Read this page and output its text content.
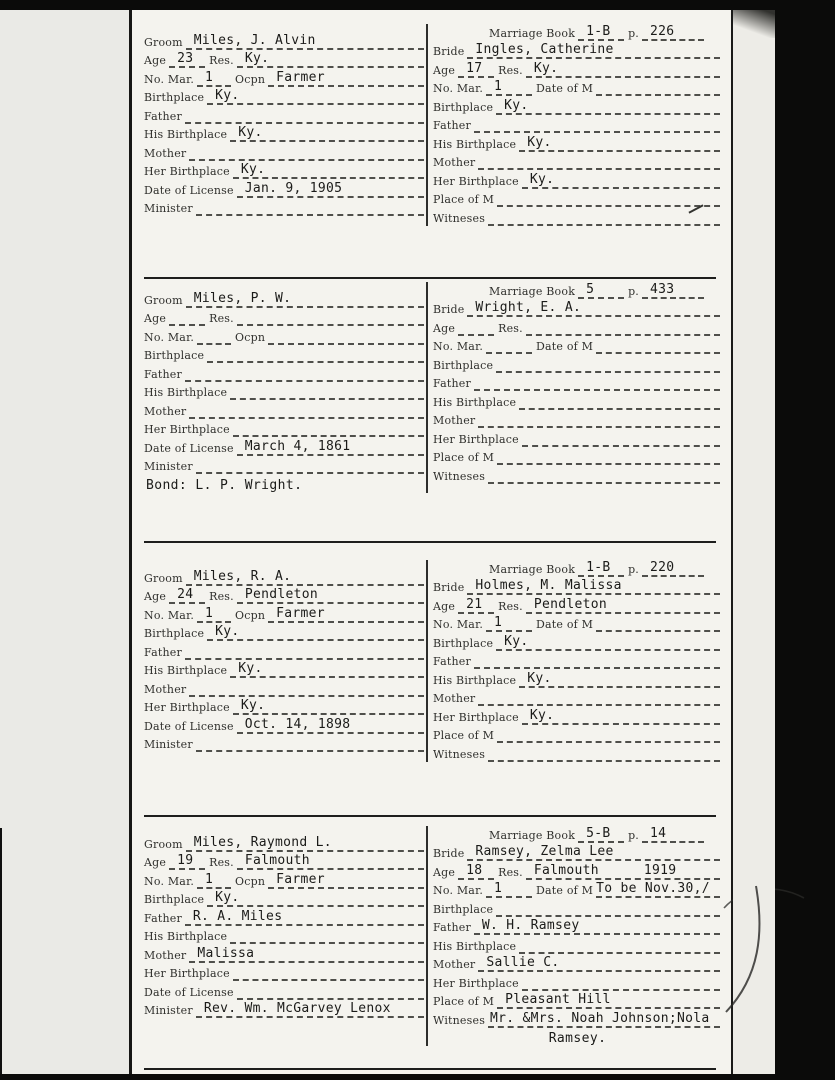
Groom Miles, J. Alvin
Age 23 Res. Ky.
No. Mar. 1 Ocpn Farmer
Birthplace Ky.
Father
His Birthplace Ky.
Mother
Her Birthplace Ky.
Date of License Jan. 9, 1905
Minister
Marriage Book 1-B p. 226
Bride Ingles, Catherine
Age 17 Res. Ky.
No. Mar. 1	Date of M
Birthplace Ky.
Father
His Birthplace Ky.
Mother
Her Birthplace Ky.
Place of M
Witneses
Groom Miles, P. W.
Age	Res.
No. Mar.	Ocpn
Birthplace
Father
His Birthplace
Mother
Her Birthplace
Date of License March 4, 1861
Minister
Bond: L. P. Wright.
Marriage Book 5	p. 433
Bride Wright, E. A.
Age	Res.
No. Mar.	Date of M
Birthplace
Father
His Birthplace
Mother
Her Birthplace
Place of M
Witneses
Groom Miles, R. A.
Age 24 Res. Pendleton
No. Mar. 1 Ocpn Farmer
Birthplace Ky.
Father
His Birthplace Ky.
Mother
Her Birthplace Ky.
Date of License Oct. 14, 1898
Minister
Marriage Book 1-B p. 220
Bride Holmes, M. Malissa
Age 21 Res. Pendleton
No. Mar. 1	Date of M
Birthplace Ky.
Father
His Birthplace Ky.
Mother
Her Birthplace Ky.
Place of M
Witneses
Groom Miles, Raymond L.
Age 19 Res. Falmouth
No. Mar. 1 Ocpn Farmer
Birthplace Ky.
Father R. A. Miles
His Birthplace
Mother Malissa
Her Birthplace
Date of License
Minister Rev. Wm. McGarvey Lenox
Marriage Book 5-B p. 14
Bride Ramsey, Zelma Lee
Age 18 Res. Falmouth	1919
No. Mar. 1	Date of M To be Nov.30,/
Birthplace
Father W. H. Ramsey
His Birthplace
Mother Sallie C.
Her Birthplace
Place of M Pleasant Hill
Witneses Mr. &Mrs. Noah Johnson;Nola
Ramsey.
